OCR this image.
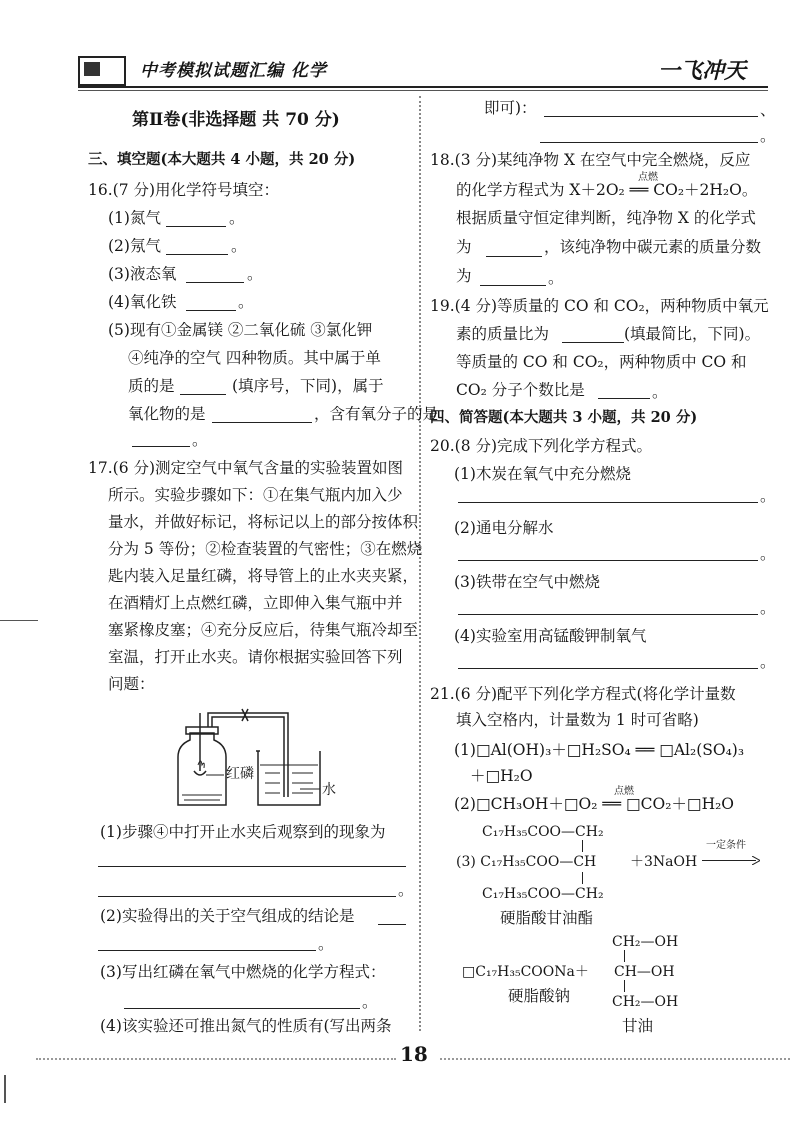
中考模拟试题汇编 化学	一飞冲天
第Ⅱ卷(非选择题 共 70 分)
三、填空题(本大题共 4 小题，共 20 分)
16.(7 分)用化学符号填空：
(1)氮气	。
(2)氖气	。
(3)液态氧	。
(4)氧化铁	。
(5)现有①金属镁 ②二氧化硫 ③氯化钾
④纯净的空气 四种物质。其中属于单
质的是	(填序号，下同)，属于
氧化物的是	，含有氧分子的是
。
17.(6 分)测定空气中氧气含量的实验装置如图
所示。实验步骤如下：①在集气瓶内加入少
量水，并做好标记，将标记以上的部分按体积
分为 5 等份；②检查装置的气密性；③在燃烧
匙内装入足量红磷，将导管上的止水夹夹紧，
在酒精灯上点燃红磷，立即伸入集气瓶中并
塞紧橡皮塞；④充分反应后，待集气瓶冷却至
室温，打开止水夹。请你根据实验回答下列
问题：
红磷
水
(1)步骤④中打开止水夹后观察到的现象为
。
(2)实验得出的关于空气组成的结论是
。
(3)写出红磷在氧气中燃烧的化学方程式：
。
(4)该实验还可推出氮气的性质有(写出两条
即可)：	、
。
18.(3 分)某纯净物 X 在空气中完全燃烧，反应
的化学方程式为 X＋2O₂ ══ CO₂＋2H₂O。
点燃
根据质量守恒定律判断，纯净物 X 的化学式
为	，该纯净物中碳元素的质量分数
为	。
19.(4 分)等质量的 CO 和 CO₂，两种物质中氧元
素的质量比为	(填最简比，下同)。
等质量的 CO 和 CO₂，两种物质中 CO 和
CO₂ 分子个数比是	。
四、简答题(本大题共 3 小题，共 20 分)
20.(8 分)完成下列化学方程式。
(1)木炭在氧气中充分燃烧
。
(2)通电分解水
。
(3)铁带在空气中燃烧
。
(4)实验室用高锰酸钾制氧气
。
21.(6 分)配平下列化学方程式(将化学计量数
填入空格内，计量数为 1 时可省略)
(1)□Al(OH)₃＋□H₂SO₄ ══ □Al₂(SO₄)₃
＋□H₂O
(2)□CH₃OH＋□O₂ ══ □CO₂＋□H₂O
点燃
C₁₇H₃₅COO—CH₂
(3) C₁₇H₃₅COO—CH ＋3NaOH
一定条件
C₁₇H₃₅COO—CH₂
硬脂酸甘油酯
□C₁₇H₃₅COONa＋
硬脂酸钠
CH₂—OH
CH—OH
CH₂—OH
甘油
18
